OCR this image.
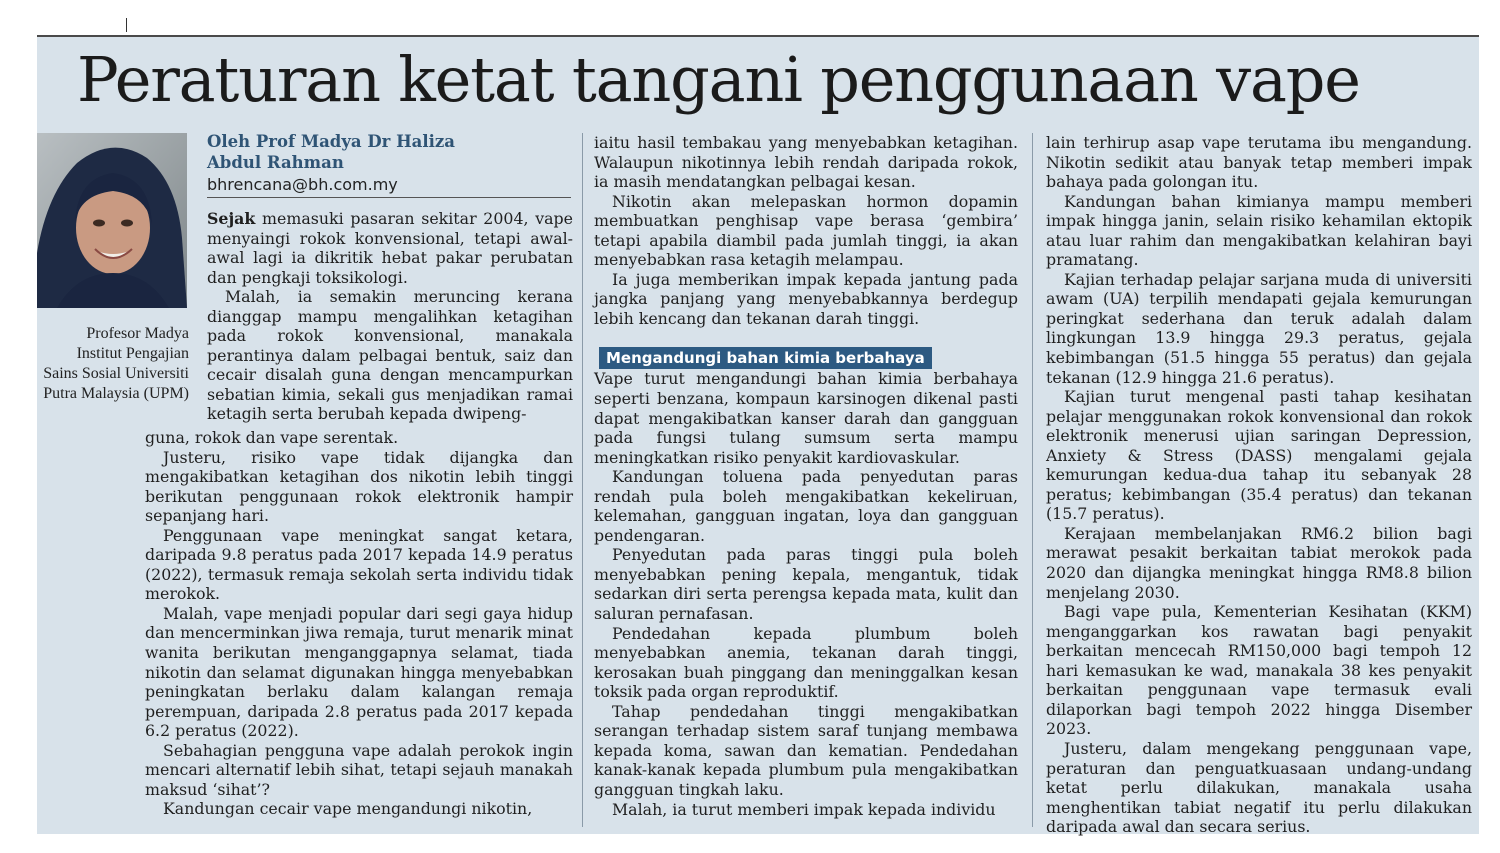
Peraturan ketat tangani penggunaan vape
Profesor Madya
Institut Pengajian
Sains Sosial Universiti
Putra Malaysia (UPM)
Oleh Prof Madya Dr Haliza
Abdul Rahman
bhrencana@bh.com.my

Sejak memasuki pasaran sekitar 2004, vape menyaingi rokok konvensional, tetapi awal-awal lagi ia dikritik hebat pakar perubatan dan pengkaji toksikologi.

Malah, ia semakin meruncing kerana dianggap mampu mengalihkan ketagihan pada rokok konvensional, manakala perantinya dalam pelbagai bentuk, saiz dan cecair disalah guna dengan mencampurkan sebatian kimia, sekali gus menjadikan ramai ketagih serta berubah kepada dwipeng-

guna, rokok dan vape serentak.

Justeru, risiko vape tidak dijangka dan mengakibatkan ketagihan dos nikotin lebih tinggi berikutan penggunaan rokok elektronik hampir sepanjang hari.

Penggunaan vape meningkat sangat ketara, daripada 9.8 peratus pada 2017 kepada 14.9 peratus (2022), termasuk remaja sekolah serta individu tidak merokok.

Malah, vape menjadi popular dari segi gaya hidup dan mencerminkan jiwa remaja, turut menarik minat wanita berikutan menganggapnya selamat, tiada nikotin dan selamat digunakan hingga menyebabkan peningkatan berlaku dalam kalangan remaja perempuan, daripada 2.8 peratus pada 2017 kepada 6.2 peratus (2022).

Sebahagian pengguna vape adalah perokok ingin mencari alternatif lebih sihat, tetapi sejauh manakah maksud ‘sihat’?

Kandungan cecair vape mengandungi nikotin,

iaitu hasil tembakau yang menyebabkan ketagihan. Walaupun nikotinnya lebih rendah daripada rokok, ia masih mendatangkan pelbagai kesan.

Nikotin akan melepaskan hormon dopamin membuatkan penghisap vape berasa ‘gembira’ tetapi apabila diambil pada jumlah tinggi, ia akan menyebabkan rasa ketagih melampau.

Ia juga memberikan impak kepada jantung pada jangka panjang yang menyebabkannya berdegup lebih kencang dan tekanan darah tinggi.

Mengandungi bahan kimia berbahaya

Vape turut mengandungi bahan kimia berbahaya seperti benzana, kompaun karsinogen dikenal pasti dapat mengakibatkan kanser darah dan gangguan pada fungsi tulang sumsum serta mampu meningkatkan risiko penyakit kardiovaskular.

Kandungan toluena pada penyedutan paras rendah pula boleh mengakibatkan kekeliruan, kelemahan, gangguan ingatan, loya dan gangguan pendengaran.

Penyedutan pada paras tinggi pula boleh menyebabkan pening kepala, mengantuk, tidak sedarkan diri serta perengsa kepada mata, kulit dan saluran pernafasan.

Pendedahan kepada plumbum boleh menyebabkan anemia, tekanan darah tinggi, kerosakan buah pinggang dan meninggalkan kesan toksik pada organ reproduktif.

Tahap pendedahan tinggi mengakibatkan serangan terhadap sistem saraf tunjang membawa kepada koma, sawan dan kematian. Pendedahan kanak-kanak kepada plumbum pula mengakibatkan gangguan tingkah laku.

Malah, ia turut memberi impak kepada individu

lain terhirup asap vape terutama ibu mengandung. Nikotin sedikit atau banyak tetap memberi impak bahaya pada golongan itu.

Kandungan bahan kimianya mampu memberi impak hingga janin, selain risiko kehamilan ektopik atau luar rahim dan mengakibatkan kelahiran bayi pramatang.

Kajian terhadap pelajar sarjana muda di universiti awam (UA) terpilih mendapati gejala kemurungan peringkat sederhana dan teruk adalah dalam lingkungan 13.9 hingga 29.3 peratus, gejala kebimbangan (51.5 hingga 55 peratus) dan gejala tekanan (12.9 hingga 21.6 peratus).

Kajian turut mengenal pasti tahap kesihatan pelajar menggunakan rokok konvensional dan rokok elektronik menerusi ujian saringan Depression, Anxiety & Stress (DASS) mengalami gejala kemurungan kedua-dua tahap itu sebanyak 28 peratus; kebimbangan (35.4 peratus) dan tekanan (15.7 peratus).

Kerajaan membelanjakan RM6.2 bilion bagi merawat pesakit berkaitan tabiat merokok pada 2020 dan dijangka meningkat hingga RM8.8 bilion menjelang 2030.

Bagi vape pula, Kementerian Kesihatan (KKM) menganggarkan kos rawatan bagi penyakit berkaitan mencecah RM150,000 bagi tempoh 12 hari kemasukan ke wad, manakala 38 kes penyakit berkaitan penggunaan vape termasuk evali dilaporkan bagi tempoh 2022 hingga Disember 2023.

Justeru, dalam mengekang penggunaan vape, peraturan dan penguatkuasaan undang-undang ketat perlu dilakukan, manakala usaha menghentikan tabiat negatif itu perlu dilakukan daripada awal dan secara serius.
